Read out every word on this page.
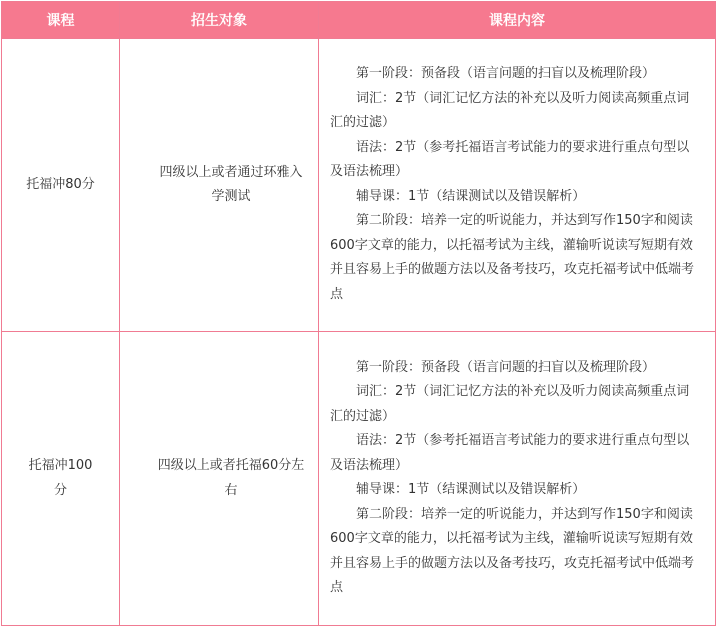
课程	招生对象	课程内容
托福冲80分	四级以上或者通过环雅入学测试	第一阶段：预备段（语言问题的扫盲以及梳理阶段）
词汇：2节（词汇记忆方法的补充以及听力阅读高频重点词汇的过滤）
语法：2节（参考托福语言考试能力的要求进行重点句型以及语法梳理）
辅导课：1节（结课测试以及错误解析）
第二阶段：培养一定的听说能力，并达到写作150字和阅读600字文章的能力，以托福考试为主线，灌输听说读写短期有效并且容易上手的做题方法以及备考技巧，攻克托福考试中低端考点

托福冲100分	四级以上或者托福60分左右	第一阶段：预备段（语言问题的扫盲以及梳理阶段）
词汇：2节（词汇记忆方法的补充以及听力阅读高频重点词汇的过滤）
语法：2节（参考托福语言考试能力的要求进行重点句型以及语法梳理）
辅导课：1节（结课测试以及错误解析）
第二阶段：培养一定的听说能力，并达到写作150字和阅读600字文章的能力，以托福考试为主线，灌输听说读写短期有效并且容易上手的做题方法以及备考技巧，攻克托福考试中低端考点
